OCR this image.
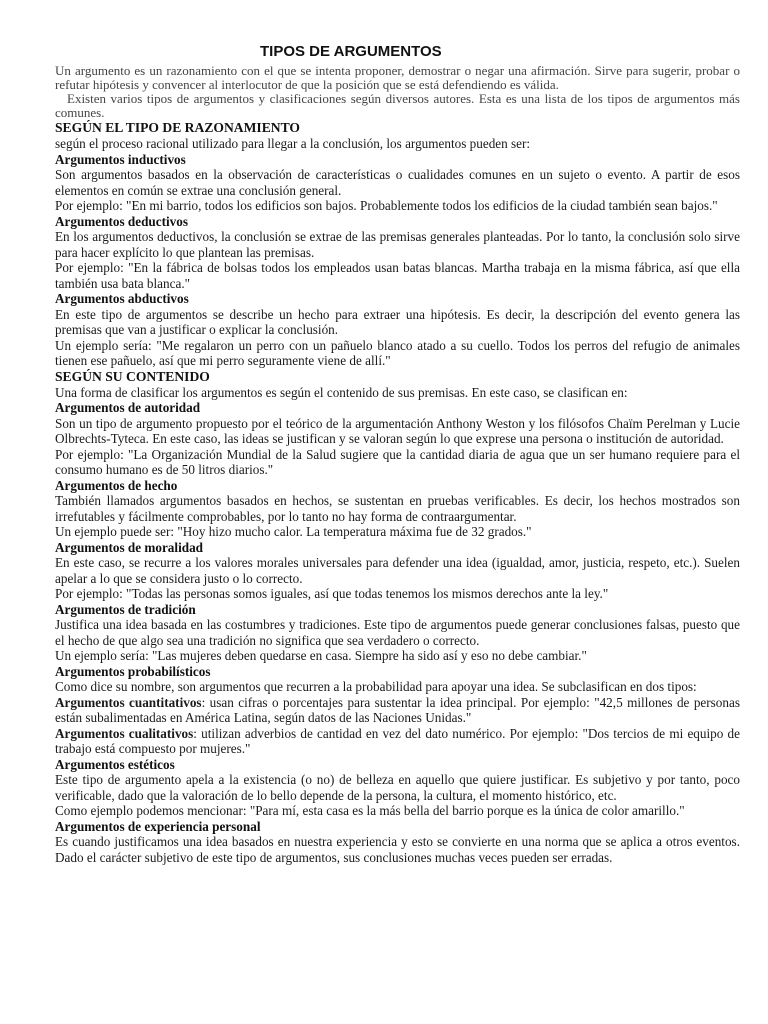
TIPOS DE ARGUMENTOS

Un argumento es un razonamiento con el que se intenta proponer, demostrar o negar una afirmación. Sirve para sugerir, probar o refutar hipótesis y convencer al interlocutor de que la posición que se está defendiendo es válida.

Existen varios tipos de argumentos y clasificaciones según diversos autores. Esta es una lista de los tipos de argumentos más comunes.

SEGÚN EL TIPO DE RAZONAMIENTO

según el proceso racional utilizado para llegar a la conclusión, los argumentos pueden ser:

Argumentos inductivos

Son argumentos basados en la observación de características o cualidades comunes en un sujeto o evento. A partir de esos elementos en común se extrae una conclusión general.

Por ejemplo: "En mi barrio, todos los edificios son bajos. Probablemente todos los edificios de la ciudad también sean bajos."

Argumentos deductivos

En los argumentos deductivos, la conclusión se extrae de las premisas generales planteadas. Por lo tanto, la conclusión solo sirve para hacer explícito lo que plantean las premisas.

Por ejemplo: "En la fábrica de bolsas todos los empleados usan batas blancas. Martha trabaja en la misma fábrica, así que ella también usa bata blanca."

Argumentos abductivos

En este tipo de argumentos se describe un hecho para extraer una hipótesis. Es decir, la descripción del evento genera las premisas que van a justificar o explicar la conclusión.

Un ejemplo sería: "Me regalaron un perro con un pañuelo blanco atado a su cuello. Todos los perros del refugio de animales tienen ese pañuelo, así que mi perro seguramente viene de allí."

SEGÚN SU CONTENIDO

Una forma de clasificar los argumentos es según el contenido de sus premisas. En este caso, se clasifican en:

Argumentos de autoridad

Son un tipo de argumento propuesto por el teórico de la argumentación Anthony Weston y los filósofos Chaïm Perelman y Lucie Olbrechts-Tyteca. En este caso, las ideas se justifican y se valoran según lo que exprese una persona o institución de autoridad.

Por ejemplo: "La Organización Mundial de la Salud sugiere que la cantidad diaria de agua que un ser humano requiere para el consumo humano es de 50 litros diarios."

Argumentos de hecho

También llamados argumentos basados en hechos, se sustentan en pruebas verificables. Es decir, los hechos mostrados son irrefutables y fácilmente comprobables, por lo tanto no hay forma de contraargumentar.

Un ejemplo puede ser: "Hoy hizo mucho calor. La temperatura máxima fue de 32 grados."

Argumentos de moralidad

En este caso, se recurre a los valores morales universales para defender una idea (igualdad, amor, justicia, respeto, etc.). Suelen apelar a lo que se considera justo o lo correcto.

Por ejemplo: "Todas las personas somos iguales, así que todas tenemos los mismos derechos ante la ley."

Argumentos de tradición

Justifica una idea basada en las costumbres y tradiciones. Este tipo de argumentos puede generar conclusiones falsas, puesto que el hecho de que algo sea una tradición no significa que sea verdadero o correcto.

Un ejemplo sería: "Las mujeres deben quedarse en casa. Siempre ha sido así y eso no debe cambiar."

Argumentos probabilísticos

Como dice su nombre, son argumentos que recurren a la probabilidad para apoyar una idea. Se subclasifican en dos tipos:

Argumentos cuantitativos: usan cifras o porcentajes para sustentar la idea principal. Por ejemplo: "42,5 millones de personas están subalimentadas en América Latina, según datos de las Naciones Unidas."

Argumentos cualitativos: utilizan adverbios de cantidad en vez del dato numérico. Por ejemplo: "Dos tercios de mi equipo de trabajo está compuesto por mujeres."

Argumentos estéticos

Este tipo de argumento apela a la existencia (o no) de belleza en aquello que quiere justificar. Es subjetivo y por tanto, poco verificable, dado que la valoración de lo bello depende de la persona, la cultura, el momento histórico, etc.

Como ejemplo podemos mencionar: "Para mí, esta casa es la más bella del barrio porque es la única de color amarillo."

Argumentos de experiencia personal

Es cuando justificamos una idea basados en nuestra experiencia y esto se convierte en una norma que se aplica a otros eventos. Dado el carácter subjetivo de este tipo de argumentos, sus conclusiones muchas veces pueden ser erradas.
